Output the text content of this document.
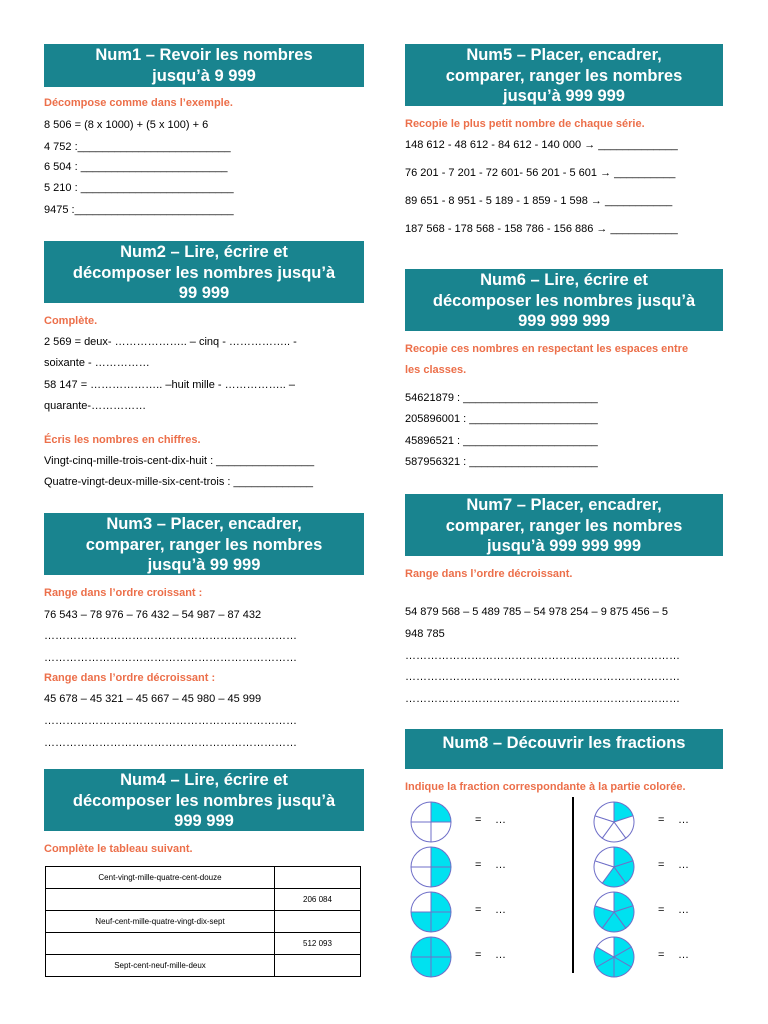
Num1 – Revoir les nombres
jusqu’à 9 999
Décompose comme dans l’exemple.
8 506 = (8 x 1000) + (5 x 100) + 6
4 752 :_________________________
6 504 : ________________________
5 210 : _________________________
9475 :__________________________
Num2 – Lire, écrire et
décomposer les nombres jusqu’à
99 999
Complète.
2 569 = deux- ……………….. – cinq - …………….. -
soixante - ……………
58 147 = ……………….. –huit mille - …………….. –
quarante-……………
Écris les nombres en chiffres.
Vingt-cinq-mille-trois-cent-dix-huit : ________________
Quatre-vingt-deux-mille-six-cent-trois : _____________
Num3 – Placer, encadrer,
comparer, ranger les nombres
jusqu’à 99 999
Range dans l’ordre croissant :
76 543 – 78 976 – 76 432 – 54 987 – 87 432
……………………………………………………………
……………………………………………………………
Range dans l’ordre décroissant :
45 678 – 45 321 – 45 667 – 45 980 – 45 999
……………………………………………………………
……………………………………………………………
Num4 – Lire, écrire et
décomposer les nombres jusqu’à
999 999
Complète le tableau suivant.
Cent-vingt-mille-quatre-cent-douze	
	206 084
Neuf-cent-mille-quatre-vingt-dix-sept	
	512 093
Sept-cent-neuf-mille-deux	
Num5 – Placer, encadrer,
comparer, ranger les nombres
jusqu’à 999 999
Recopie le plus petit nombre de chaque série.
148 612 - 48 612 - 84 612 - 140 000 → _____________
76 201 - 7 201 - 72 601- 56 201 - 5 601 → __________
89 651 - 8 951 - 5 189 - 1 859 - 1 598 → ___________
187 568 - 178 568 - 158 786 - 156 886 → ___________
Num6 – Lire, écrire et
décomposer les nombres jusqu’à
999 999 999
Recopie ces nombres en respectant les espaces entre
les classes.
54621879 : ______________________
205896001 : _____________________
45896521 : ______________________
587956321 : _____________________
Num7 – Placer, encadrer,
comparer, ranger les nombres
jusqu’à 999 999 999
Range dans l’ordre décroissant.
54 879 568 – 5 489 785 – 54 978 254 – 9 875 456 – 5
948 785
…………………………………………………………………
…………………………………………………………………
…………………………………………………………………
Num8 – Découvrir les fractions
Indique la fraction correspondante à la partie colorée.
= …
= …
= …
= …
= …
= …
= …
= …
